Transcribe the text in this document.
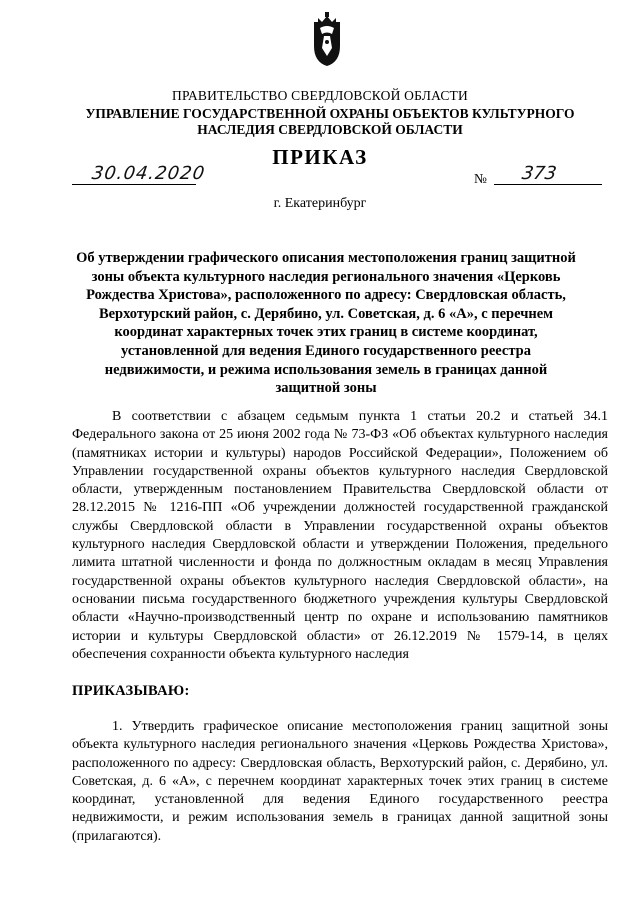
ПРАВИТЕЛЬСТВО СВЕРДЛОВСКОЙ ОБЛАСТИ
УПРАВЛЕНИЕ ГОСУДАРСТВЕННОЙ ОХРАНЫ ОБЪЕКТОВ КУЛЬТУРНОГО НАСЛЕДИЯ СВЕРДЛОВСКОЙ ОБЛАСТИ
ПРИКАЗ
30.04.2020	№ 373
г. Екатеринбург
Об утверждении графического описания местоположения границ защитной зоны объекта культурного наследия регионального значения «Церковь Рождества Христова», расположенного по адресу: Свердловская область, Верхотурский район, с. Дерябино, ул. Советская, д. 6 «А», с перечнем координат характерных точек этих границ в системе координат, установленной для ведения Единого государственного реестра недвижимости, и режима использования земель в границах данной защитной зоны

В соответствии с абзацем седьмым пункта 1 статьи 20.2 и статьей 34.1 Федерального закона от 25 июня 2002 года № 73-ФЗ «Об объектах культурного наследия (памятниках истории и культуры) народов Российской Федерации», Положением об Управлении государственной охраны объектов культурного наследия Свердловской области, утвержденным постановлением Правительства Свердловской области от 28.12.2015 № 1216-ПП «Об учреждении должностей государственной гражданской службы Свердловской области в Управлении государственной охраны объектов культурного наследия Свердловской области и утверждении Положения, предельного лимита штатной численности и фонда по должностным окладам в месяц Управления государственной охраны объектов культурного наследия Свердловской области», на основании письма государственного бюджетного учреждения культуры Свердловской области «Научно-производственный центр по охране и использованию памятников истории и культуры Свердловской области» от 26.12.2019 № 1579-14, в целях обеспечения сохранности объекта культурного наследия

ПРИКАЗЫВАЮ:

1. Утвердить графическое описание местоположения границ защитной зоны объекта культурного наследия регионального значения «Церковь Рождества Христова», расположенного по адресу: Свердловская область, Верхотурский район, с. Дерябино, ул. Советская, д. 6 «А», с перечнем координат характерных точек этих границ в системе координат, установленной для ведения Единого государственного реестра недвижимости, и режим использования земель в границах данной защитной зоны (прилагаются).
